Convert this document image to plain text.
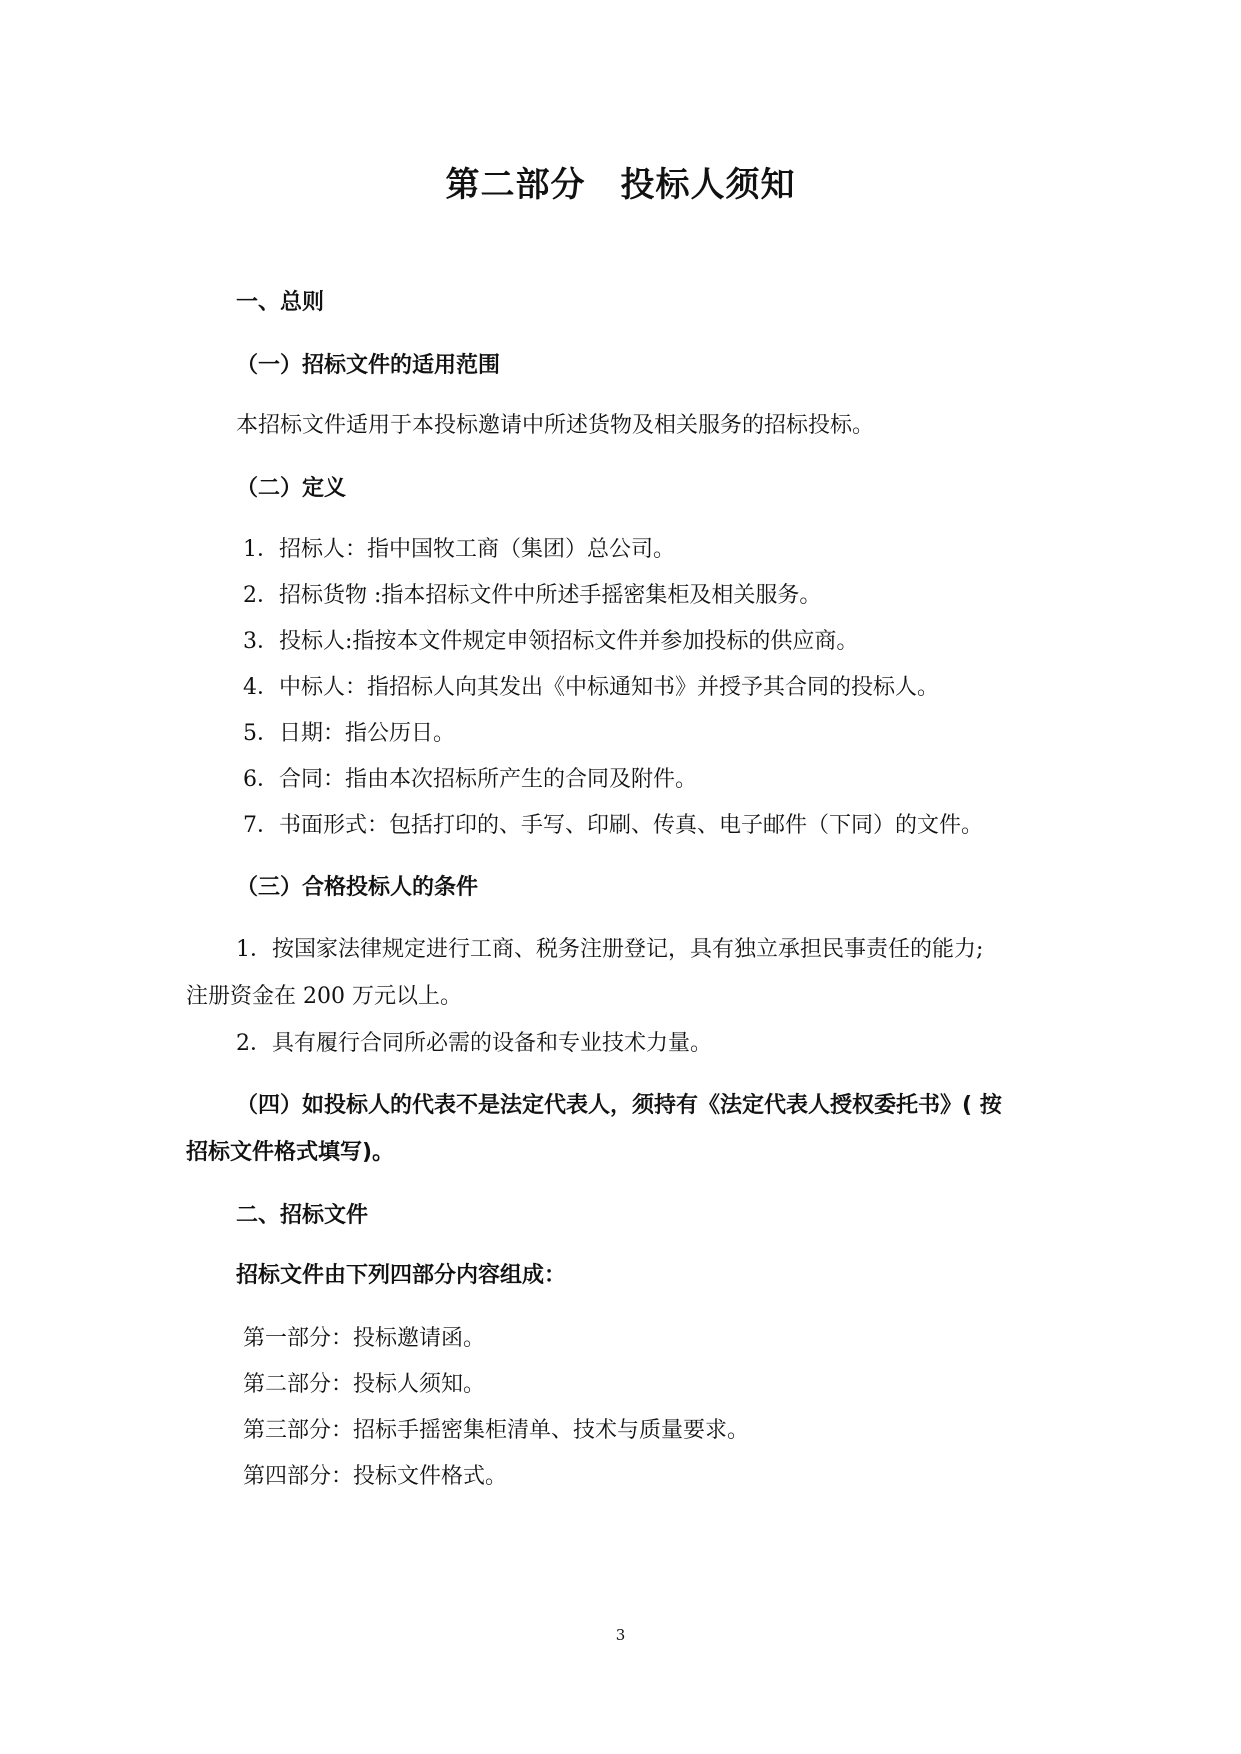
第二部分　投标人须知
一、总则
（一）招标文件的适用范围
本招标文件适用于本投标邀请中所述货物及相关服务的招标投标。
（二）定义
1．招标人：指中国牧工商（集团）总公司。
2．招标货物 :指本招标文件中所述手摇密集柜及相关服务。
3．投标人:指按本文件规定申领招标文件并参加投标的供应商。
4．中标人：指招标人向其发出《中标通知书》并授予其合同的投标人。
5．日期：指公历日。
6．合同：指由本次招标所产生的合同及附件。
7．书面形式：包括打印的、手写、印刷、传真、电子邮件（下同）的文件。
（三）合格投标人的条件
1．按国家法律规定进行工商、税务注册登记，具有独立承担民事责任的能力;
注册资金在 200 万元以上。
2．具有履行合同所必需的设备和专业技术力量。
（四）如投标人的代表不是法定代表人，须持有《法定代表人授权委托书》( 按
招标文件格式填写)。
二、招标文件
招标文件由下列四部分内容组成：
第一部分：投标邀请函。
第二部分：投标人须知。
第三部分：招标手摇密集柜清单、技术与质量要求。
第四部分：投标文件格式。
3
